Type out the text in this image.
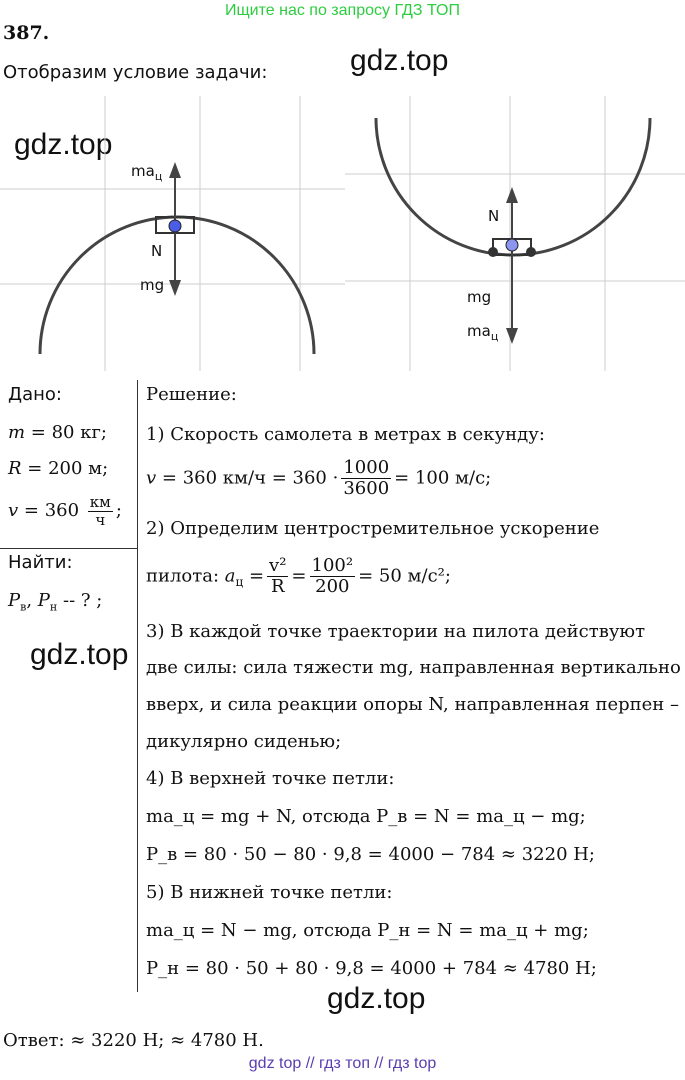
Ищите нас по запросу ГДЗ ТОП
387.
Отобразим условие задачи:	gdz.top
gdz.top
gdz.top
gdz.top
$ma_ц$
N
mg
N
mg
$ma_ц$
Дано:
m = 80 кг;
R = 200 м;
$v = 360 \frac{км}{ч}$ ;
Найти:
$P_в$, $P_н$ -- ? ;
Решение:
1) Скорость самолета в метрах в секунду:
v = 360 $км/ч = 360 \cdot \frac{1000}{3600} = 100$ м/с;
2) Определим центростремительное ускорение
пилота: $a_ц = \frac{\text{v²}}{R} = \frac{\text{100²}}{200} = 50$ м/с²;
3) В каждой точке траектории на пилота действуют
две силы: сила тяжести mg, направленная вертикально
вверх, и сила реакции опоры N, направленная перпен –
дикулярно сиденью;
4) В верхней точке петли:
ma_ц = mg + N, отсюда P_в = N = ma_ц − mg;
P_в = 80 · 50 − 80 · 9,8 = 4000 − 784 ≈ 3220 Н;
5) В нижней точке петли:
ma_ц = N − mg, отсюда P_н = N = ma_ц + mg;
P_н = 80 · 50 + 80 · 9,8 = 4000 + 784 ≈ 4780 Н;
Ответ: ≈ 3220 Н; ≈ 4780 Н.
gdz top // гдз топ // гдз top
